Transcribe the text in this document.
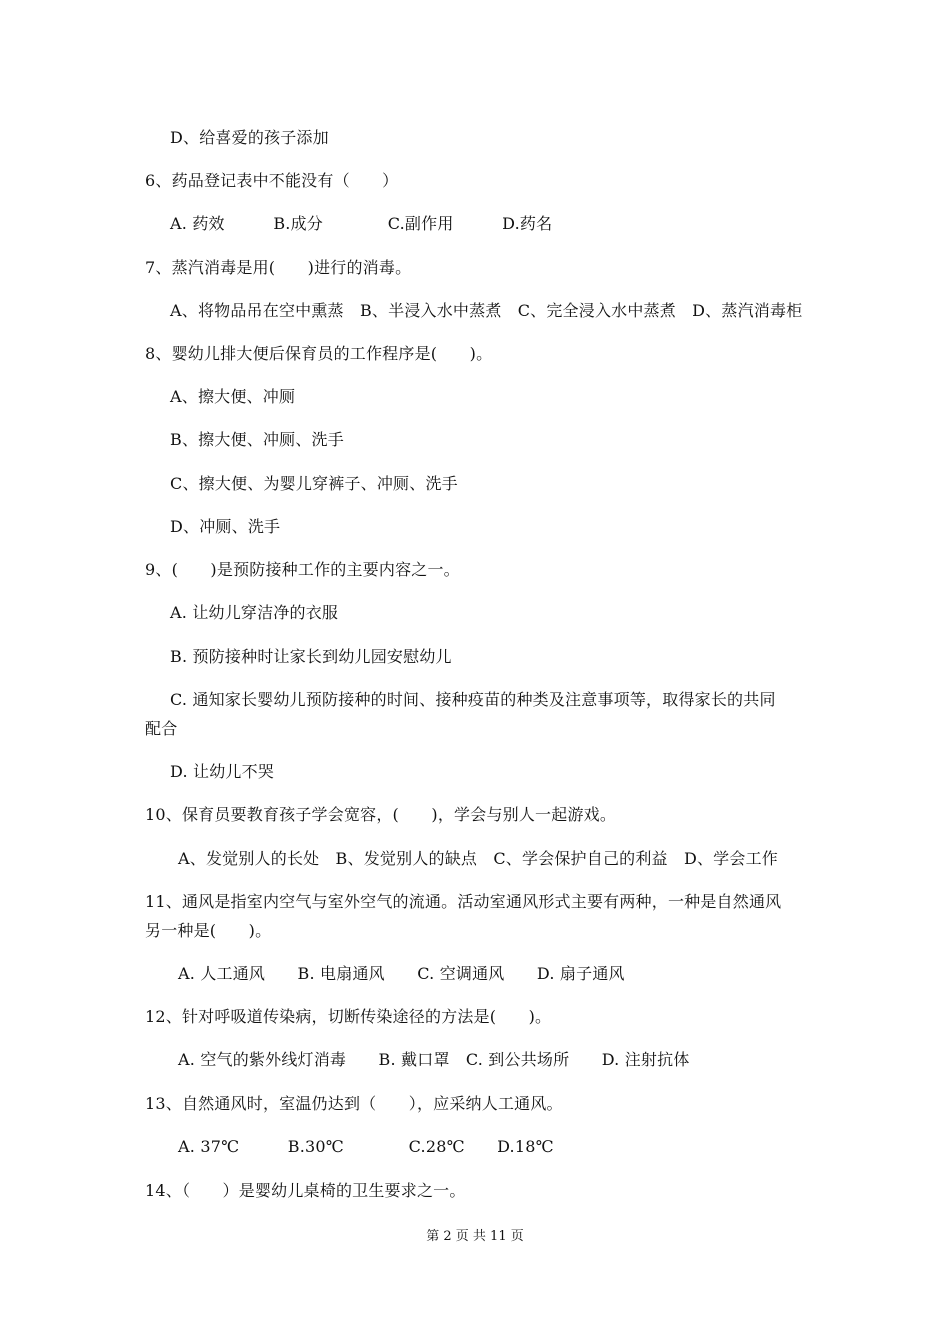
D、给喜爱的孩子添加
6、药品登记表中不能没有（　　）
A. 药效　　　B.成分　　　　C.副作用　　　D.药名
7、蒸汽消毒是用(　　)进行的消毒。
A、将物品吊在空中熏蒸　B、半浸入水中蒸煮　C、完全浸入水中蒸煮　D、蒸汽消毒柜
8、婴幼儿排大便后保育员的工作程序是(　　)。
A、擦大便、冲厕
B、擦大便、冲厕、洗手
C、擦大便、为婴儿穿裤子、冲厕、洗手
D、冲厕、洗手
9、(　　)是预防接种工作的主要内容之一。
A. 让幼儿穿洁净的衣服
B. 预防接种时让家长到幼儿园安慰幼儿
C. 通知家长婴幼儿预防接种的时间、接种疫苗的种类及注意事项等，取得家长的共同
配合
D. 让幼儿不哭
10、保育员要教育孩子学会宽容，(　　)，学会与别人一起游戏。
A、发觉别人的长处　B、发觉别人的缺点　C、学会保护自己的利益　D、学会工作
11、通风是指室内空气与室外空气的流通。活动室通风形式主要有两种，一种是自然通风
另一种是(　　)。
A. 人工通风　　B. 电扇通风　　C. 空调通风　　D. 扇子通风
12、针对呼吸道传染病，切断传染途径的方法是(　　)。
A. 空气的紫外线灯消毒　　B. 戴口罩　C. 到公共场所　　D. 注射抗体
13、自然通风时，室温仍达到（　　），应采纳人工通风。
A. 37℃　　　B.30℃　　　　C.28℃　　D.18℃
14、（　　）是婴幼儿桌椅的卫生要求之一。
第 2 页 共 11 页
